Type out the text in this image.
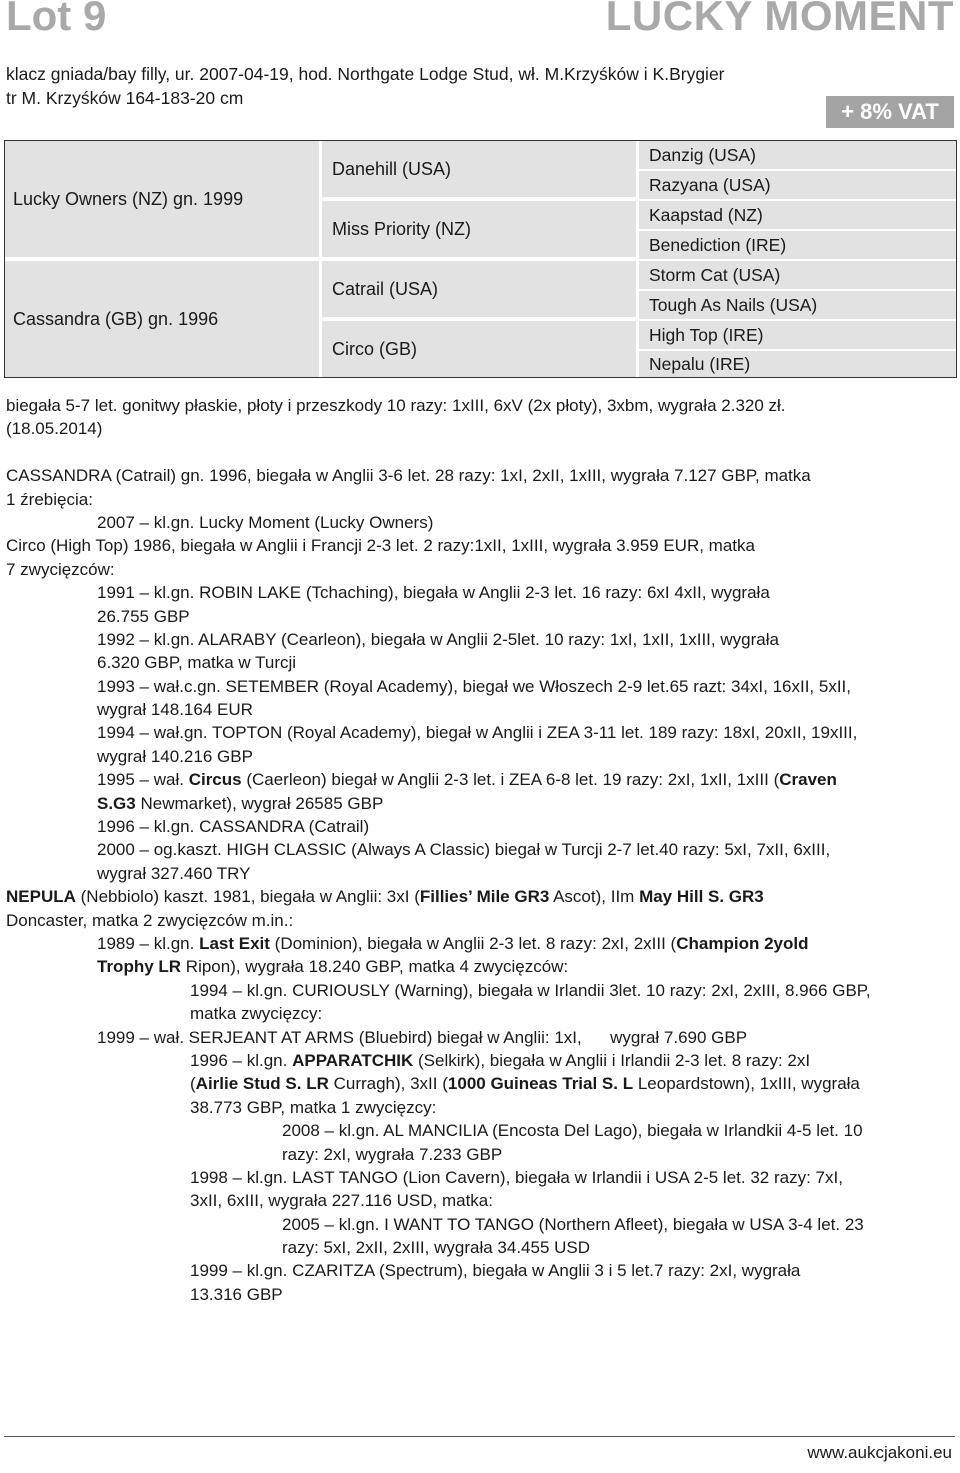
Lot 9	LUCKY MOMENT
klacz gniada/bay filly, ur. 2007-04-19, hod. Northgate Lodge Stud, wł. M.Krzyśków i K.Brygier
tr M. Krzyśków 164-183-20 cm
+ 8% VAT
Lucky Owners (NZ) gn. 1999
Cassandra (GB) gn. 1996
Danehill (USA)
Miss Priority (NZ)
Catrail (USA)
Circo (GB)
Danzig (USA)
Razyana (USA)
Kaapstad (NZ)
Benediction (IRE)
Storm Cat (USA)
Tough As Nails (USA)
High Top (IRE)
Nepalu (IRE)
biegała 5-7 let. gonitwy płaskie, płoty i przeszkody 10 razy: 1xIII, 6xV (2x płoty), 3xbm, wygrała 2.320 zł.
(18.05.2014)
CASSANDRA (Catrail) gn. 1996, biegała w Anglii 3-6 let. 28 razy: 1xI, 2xII, 1xIII, wygrała 7.127 GBP, matka
1 źrebięcia:
2007 – kl.gn. Lucky Moment (Lucky Owners)
Circo (High Top) 1986, biegała w Anglii i Francji 2-3 let. 2 razy:1xII, 1xIII, wygrała 3.959 EUR, matka
7 zwycięzców:
1991 – kl.gn. ROBIN LAKE (Tchaching), biegała w Anglii 2-3 let. 16 razy: 6xI 4xII, wygrała
26.755 GBP
1992 – kl.gn. ALARABY (Cearleon), biegała w Anglii 2-5let. 10 razy: 1xI, 1xII, 1xIII, wygrała
6.320 GBP, matka w Turcji
1993 – wał.c.gn. SETEMBER (Royal Academy), biegał we Włoszech 2-9 let.65 razt: 34xI, 16xII, 5xII,
wygrał 148.164 EUR
1994 – wał.gn. TOPTON (Royal Academy), biegał w Anglii i ZEA 3-11 let. 189 razy: 18xI, 20xII, 19xIII,
wygrał 140.216 GBP
1995 – wał. Circus (Caerleon) biegał w Anglii 2-3 let. i ZEA 6-8 let. 19 razy: 2xI, 1xII, 1xIII (Craven
S.G3 Newmarket), wygrał 26585 GBP
1996 – kl.gn. CASSANDRA (Catrail)
2000 – og.kaszt. HIGH CLASSIC (Always A Classic) biegał w Turcji 2-7 let.40 razy: 5xI, 7xII, 6xIII,
wygrał 327.460 TRY
NEPULA (Nebbiolo) kaszt. 1981, biegała w Anglii: 3xI (Fillies’ Mile GR3 Ascot), IIm May Hill S. GR3
Doncaster, matka 2 zwycięzców m.in.:
1989 – kl.gn. Last Exit (Dominion), biegała w Anglii 2-3 let. 8 razy: 2xI, 2xIII (Champion 2yold
Trophy LR Ripon), wygrała 18.240 GBP, matka 4 zwycięzców:
1994 – kl.gn. CURIOUSLY (Warning), biegała w Irlandii 3let. 10 razy: 2xI, 2xIII, 8.966 GBP,
matka zwycięzcy:
1999 – wał. SERJEANT AT ARMS (Bluebird) biegał w Anglii: 1xI,      wygrał 7.690 GBP
1996 – kl.gn. APPARATCHIK (Selkirk), biegała w Anglii i Irlandii 2-3 let. 8 razy: 2xI
(Airlie Stud S. LR Curragh), 3xII (1000 Guineas Trial S. L Leopardstown), 1xIII, wygrała
38.773 GBP, matka 1 zwycięzcy:
2008 – kl.gn. AL MANCILIA (Encosta Del Lago), biegała w Irlandkii 4-5 let. 10
razy: 2xI, wygrała 7.233 GBP
1998 – kl.gn. LAST TANGO (Lion Cavern), biegała w Irlandii i USA 2-5 let. 32 razy: 7xI,
3xII, 6xIII, wygrała 227.116 USD, matka:
2005 – kl.gn. I WANT TO TANGO (Northern Afleet), biegała w USA 3-4 let. 23
razy: 5xI, 2xII, 2xIII, wygrała 34.455 USD
1999 – kl.gn. CZARITZA (Spectrum), biegała w Anglii 3 i 5 let.7 razy: 2xI, wygrała
13.316 GBP
www.aukcjakoni.eu
